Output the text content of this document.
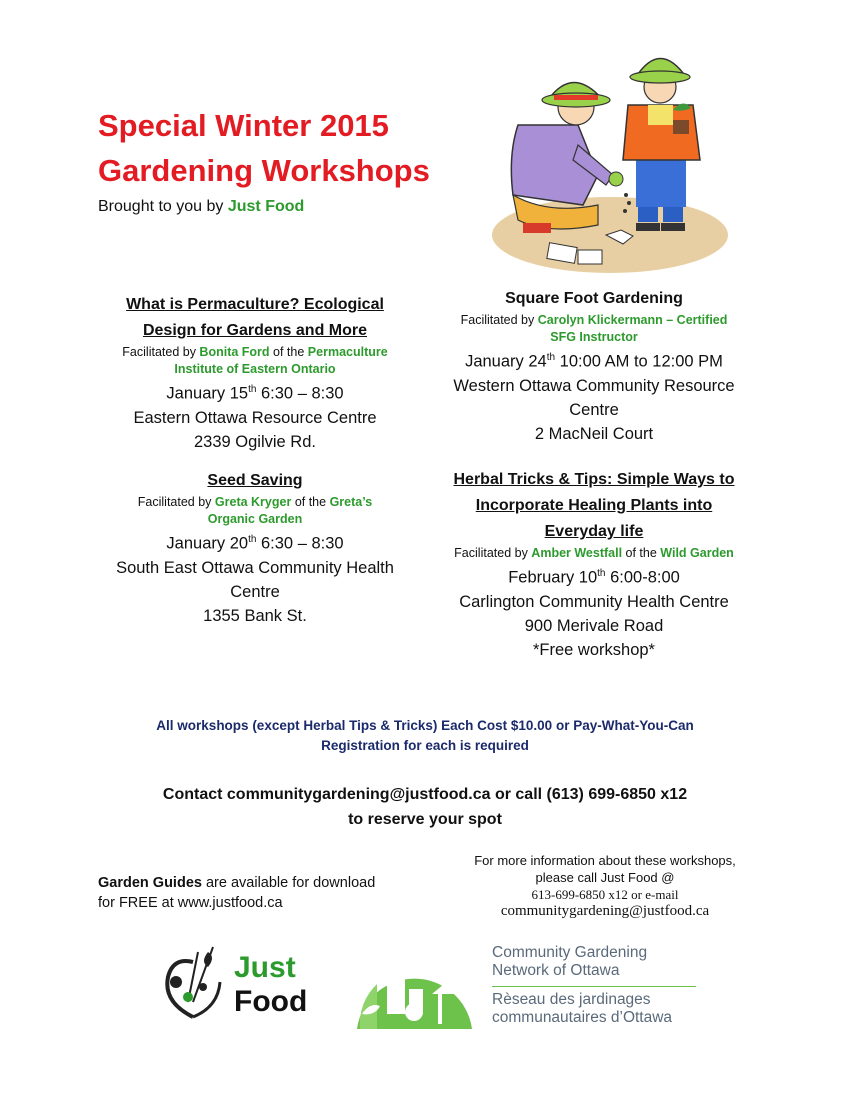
Special Winter 2015
Gardening Workshops
Brought to you by Just Food
What is Permaculture? Ecological
Design for Gardens and More
Facilitated by Bonita Ford of the Permaculture
Institute of Eastern Ontario
January 15th 6:30 – 8:30
Eastern Ottawa Resource Centre
2339 Ogilvie Rd.
Square Foot Gardening
Facilitated by Carolyn Klickermann – Certified
SFG Instructor
January 24th 10:00 AM to 12:00 PM
Western Ottawa Community Resource
Centre
2 MacNeil Court
Seed Saving
Facilitated by Greta Kryger of the Greta’s
Organic Garden
January 20th 6:30 – 8:30
South East Ottawa Community Health
Centre
1355 Bank St.
Herbal Tricks & Tips: Simple Ways to
Incorporate Healing Plants into
Everyday life
Facilitated by Amber Westfall of the Wild Garden
February 10th 6:00-8:00
Carlington Community Health Centre
900 Merivale Road
*Free workshop*
All workshops (except Herbal Tips & Tricks) Each Cost $10.00 or Pay-What-You-Can
Registration for each is required
Contact communitygardening@justfood.ca or call (613) 699-6850 x12
to reserve your spot
Garden Guides are available for download
for FREE at www.justfood.ca
For more information about these workshops,
please call Just Food @
613-699-6850 x12 or e-mail
communitygardening@justfood.ca
Just
Food
Community Gardening
Network of Ottawa
Rèseau des jardinages
communautaires d’Ottawa
